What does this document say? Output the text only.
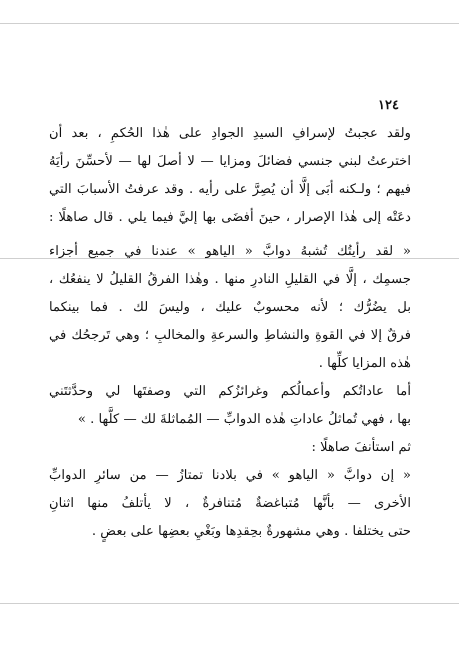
١٢٤
ولقد عجبتُ لإسرافِ السيدِ الجوادِ على هٰذا الحُكمِ ، بعد أن
اخترعتُ لبني جنسي فضائلَ ومزايا — لا أصلَ لها — لأحسِّنَ رأيَهُ
فيهم ؛ ولـكنه أبَى إلَّا أن يُصِرَّ على رأيه . وقد عرفتُ الأسبابَ التي
دعَتْه إلى هٰذا الإصرار ، حينَ أفضَى بها إليَّ فيما يلي . قال صاهلًا :
« لقد رأيتُك تُشبهُ دوابَّ « الياهو » عندنا في جميع أجزاء
جسمِك ، إلَّا في القليلِ النادرِ منها . وهٰذا الفرقُ القليلُ لا ينفعُك ،
بل يضُرُّك ؛ لأنه محسوبٌ عليك ، وليسَ لك . فما بينكما
فرقٌ إلا في القوةِ والنشاطِ والسرعةِ والمخالبِ ؛ وهي تَرجحُك في
هٰذه المزايا كلِّها .
أما عاداتُكم وأعمالُكم وغرائزُكم التي وصفتَها لي وحدَّثتَني
بها ، فهي تُماثلُ عاداتِ هٰذه الدوابِّ — المُماثلةَ لك — كلَّها . »
ثم استأنفَ صاهلًا :
« إن دوابَّ « الياهو » في بلادنا تمتازُ — من سائرِ الدوابِّ
الأخرى — بأنَّها مُتباغضةٌ مُتنافرةٌ ، لا يأتلفُ منها اثنانِ
حتى يختلفا . وهي مشهورةٌ بحِقدِها وبَغْيِ بعضِها على بعضٍ .
